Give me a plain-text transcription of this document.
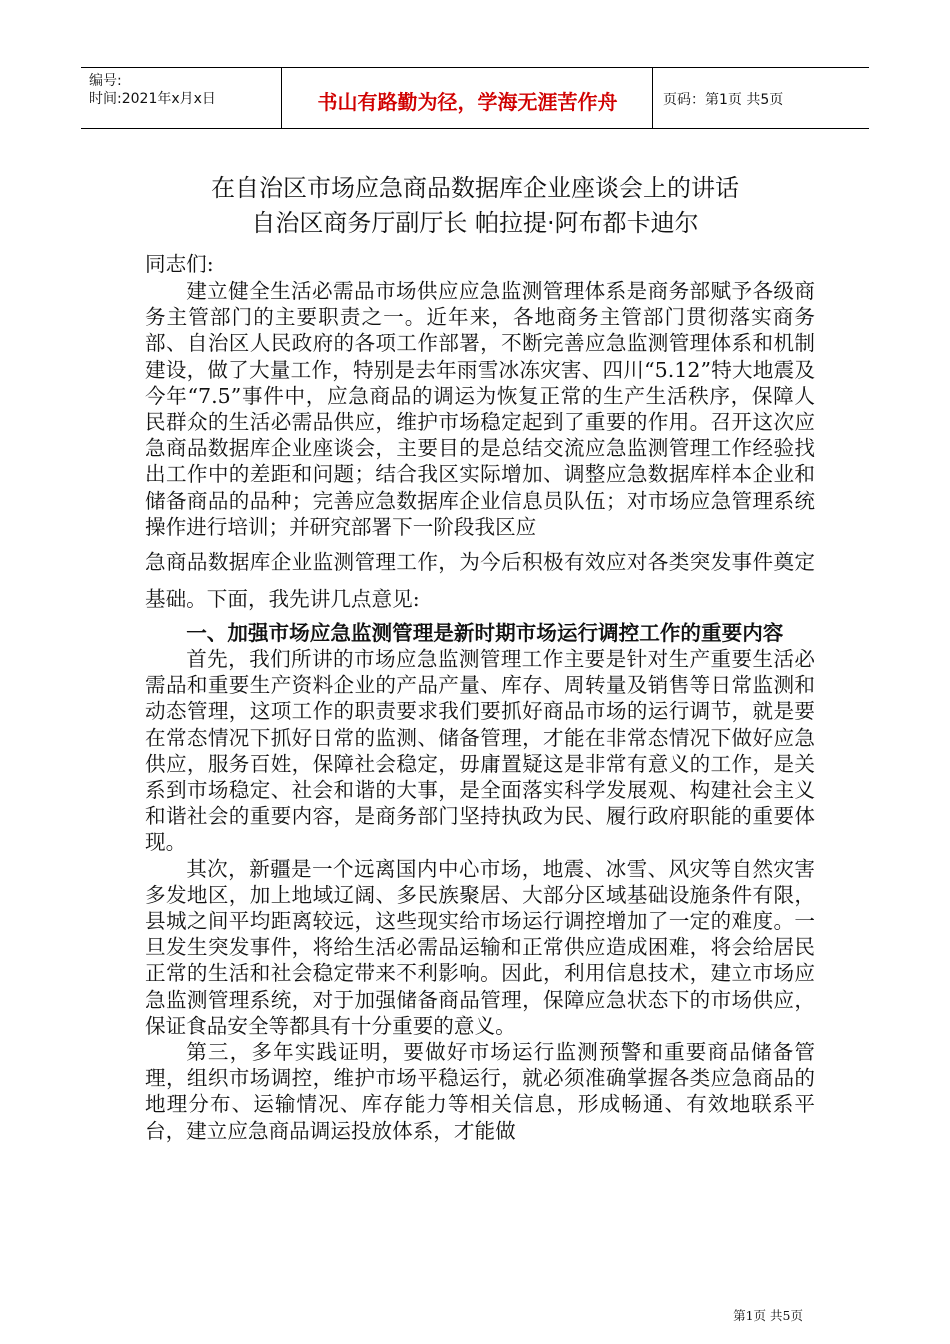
编号:
时间:2021年x月x日	书山有路勤为径，学海无涯苦作舟	页码：第1页 共5页
在自治区市场应急商品数据库企业座谈会上的讲话
自治区商务厅副厅长 帕拉提·阿布都卡迪尔

同志们:

建立健全生活必需品市场供应应急监测管理体系是商务部赋予各级商务主管部门的主要职责之一。近年来，各地商务主管部门贯彻落实商务部、自治区人民政府的各项工作部署，不断完善应急监测管理体系和机制建设，做了大量工作，特别是去年雨雪冰冻灾害、四川“5.12”特大地震及今年“7.5”事件中，应急商品的调运为恢复正常的生产生活秩序，保障人民群众的生活必需品供应，维护市场稳定起到了重要的作用。召开这次应急商品数据库企业座谈会，主要目的是总结交流应急监测管理工作经验找出工作中的差距和问题；结合我区实际增加、调整应急数据库样本企业和储备商品的品种；完善应急数据库企业信息员队伍；对市场应急管理系统操作进行培训；并研究部署下一阶段我区应

急商品数据库企业监测管理工作，为今后积极有效应对各类突发事件奠定基础。下面，我先讲几点意见:

一、加强市场应急监测管理是新时期市场运行调控工作的重要内容

首先，我们所讲的市场应急监测管理工作主要是针对生产重要生活必需品和重要生产资料企业的产品产量、库存、周转量及销售等日常监测和动态管理，这项工作的职责要求我们要抓好商品市场的运行调节，就是要在常态情况下抓好日常的监测、储备管理，才能在非常态情况下做好应急供应，服务百姓，保障社会稳定，毋庸置疑这是非常有意义的工作，是关系到市场稳定、社会和谐的大事，是全面落实科学发展观、构建社会主义和谐社会的重要内容，是商务部门坚持执政为民、履行政府职能的重要体现。

其次，新疆是一个远离国内中心市场，地震、冰雪、风灾等自然灾害多发地区，加上地域辽阔、多民族聚居、大部分区域基础设施条件有限，县城之间平均距离较远，这些现实给市场运行调控增加了一定的难度。一旦发生突发事件，将给生活必需品运输和正常供应造成困难，将会给居民正常的生活和社会稳定带来不利影响。因此，利用信息技术，建立市场应急监测管理系统，对于加强储备商品管理，保障应急状态下的市场供应，保证食品安全等都具有十分重要的意义。

第三，多年实践证明，要做好市场运行监测预警和重要商品储备管理，组织市场调控，维护市场平稳运行，就必须准确掌握各类应急商品的地理分布、运输情况、库存能力等相关信息，形成畅通、有效地联系平台，建立应急商品调运投放体系，才能做

第1页 共5页
